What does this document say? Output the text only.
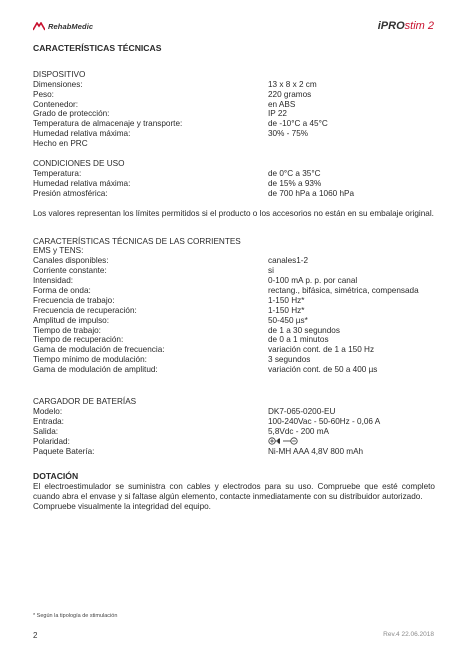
RehabMedic	iPROstim 2
CARACTERÍSTICAS TÉCNICAS
DISPOSITIVO
Dimensiones:	13 x 8 x 2 cm
Peso:	220 gramos
Contenedor:	en ABS
Grado de protección:	IP 22
Temperatura de almacenaje y transporte:	de -10°C a 45°C
Humedad relativa máxima:	30% - 75%
Hecho en PRC
CONDICIONES DE USO
Temperatura:	de 0°C a 35°C
Humedad relativa máxima:	de 15% a 93%
Presión atmosférica:	de 700 hPa a 1060 hPa

Los valores representan los límites permitidos si el producto o los accesorios no están en su embalaje original.

CARACTERÍSTICAS TÉCNICAS DE LAS CORRIENTES
EMS y TENS:
Canales disponibles:	canales1-2
Corriente constante:	si
Intensidad:	0-100 mA p. p. por canal
Forma de onda:	rectang., bifásica, simétrica, compensada
Frecuencia de trabajo:	1-150 Hz*
Frecuencia de recuperación:	1-150 Hz*
Amplitud de impulso:	50-450 µs*
Tiempo de trabajo:	de 1 a 30 segundos
Tiempo de recuperación:	de 0 a 1 minutos
Gama de modulación de frecuencia:	variación cont. de 1 a 150 Hz
Tiempo mínimo de modulación:	3 segundos
Gama de modulación de amplitud:	variación cont. de 50 a 400 µs
CARGADOR DE BATERÍAS
Modelo:	DK7-065-0200-EU
Entrada:	100-240Vac - 50-60Hz - 0,06 A
Salida:	5,8Vdc - 200 mA
Polaridad:
Paquete Batería:	Ni-MH AAA 4,8V 800 mAh
DOTACIÓN

El electroestimulador se suministra con cables y electrodos para su uso. Compruebe que esté completo cuando abra el envase y si faltase algún elemento, contacte inmediatamente con su distribuidor autorizado.

Compruebe visualmente la integridad del equipo.

* Según la tipología de stimulación
2	Rev.4 22.06.2018
